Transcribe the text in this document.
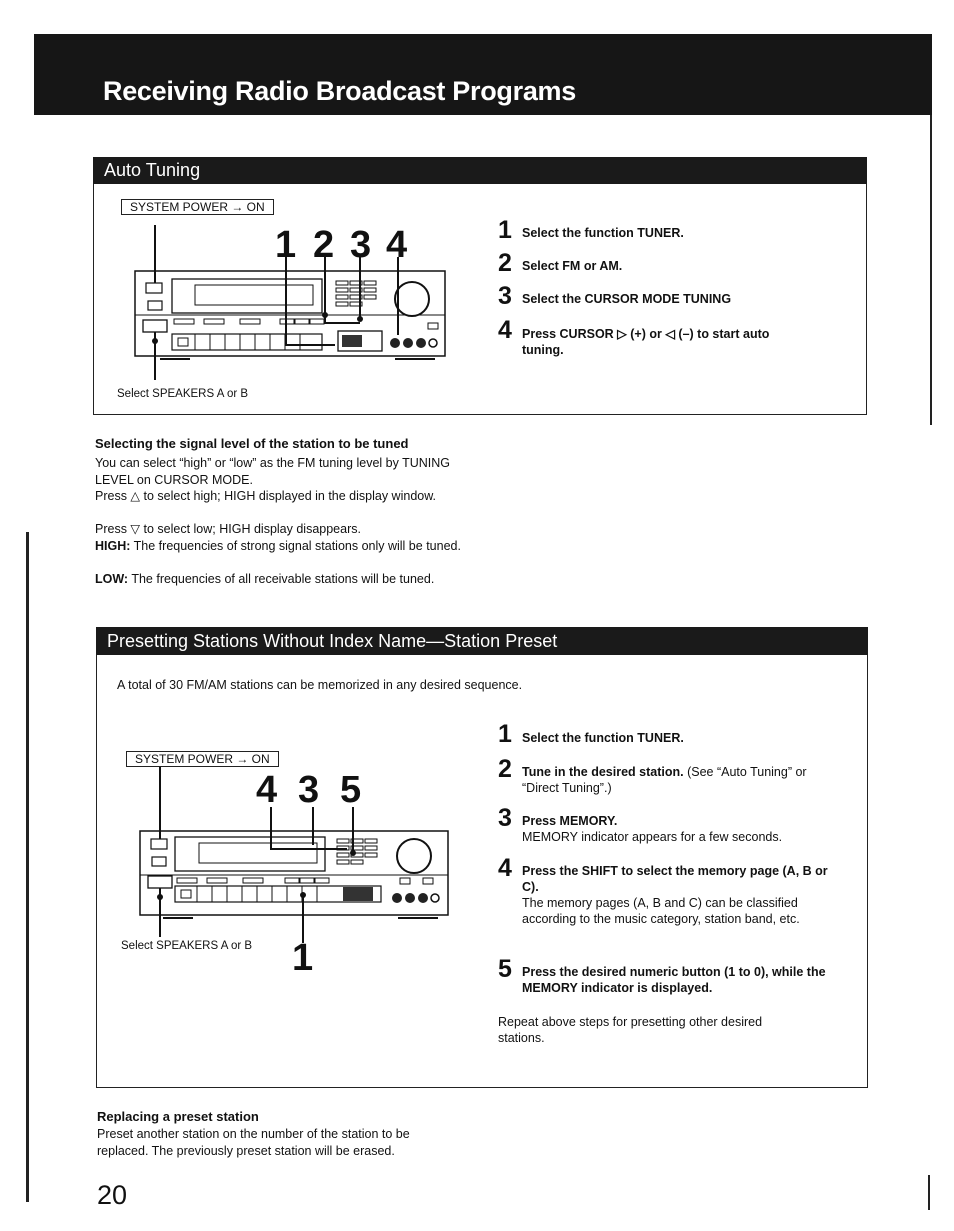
Receiving Radio Broadcast Programs
Auto Tuning
SYSTEM POWER → ON
1 2 3 4
Select SPEAKERS A or B
1 Select the function TUNER.
2 Select FM or AM.
3 Select the CURSOR MODE TUNING
4 Press CURSOR ▷ (+) or ◁ (–) to start auto tuning.
Selecting the signal level of the station to be tuned
You can select “high” or “low” as the FM tuning level by TUNING LEVEL on CURSOR MODE.
Press △ to select high; HIGH displayed in the display window.
Press ▽ to select low; HIGH display disappears.
HIGH: The frequencies of strong signal stations only will be tuned.
LOW: The frequencies of all receivable stations will be tuned.
Presetting Stations Without Index Name—Station Preset
A total of 30 FM/AM stations can be memorized in any desired sequence.
SYSTEM POWER → ON
4 3 5
1
Select SPEAKERS A or B
1 Select the function TUNER.
2 Tune in the desired station. (See “Auto Tuning” or “Direct Tuning”.)
3 Press MEMORY.
MEMORY indicator appears for a few seconds.
4 Press the SHIFT to select the memory page (A, B or C).
The memory pages (A, B and C) can be classified according to the music category, station band, etc.
5 Press the desired numeric button (1 to 0), while the MEMORY indicator is displayed.
Repeat above steps for presetting other desired stations.
Replacing a preset station
Preset another station on the number of the station to be replaced. The previously preset station will be erased.
20
